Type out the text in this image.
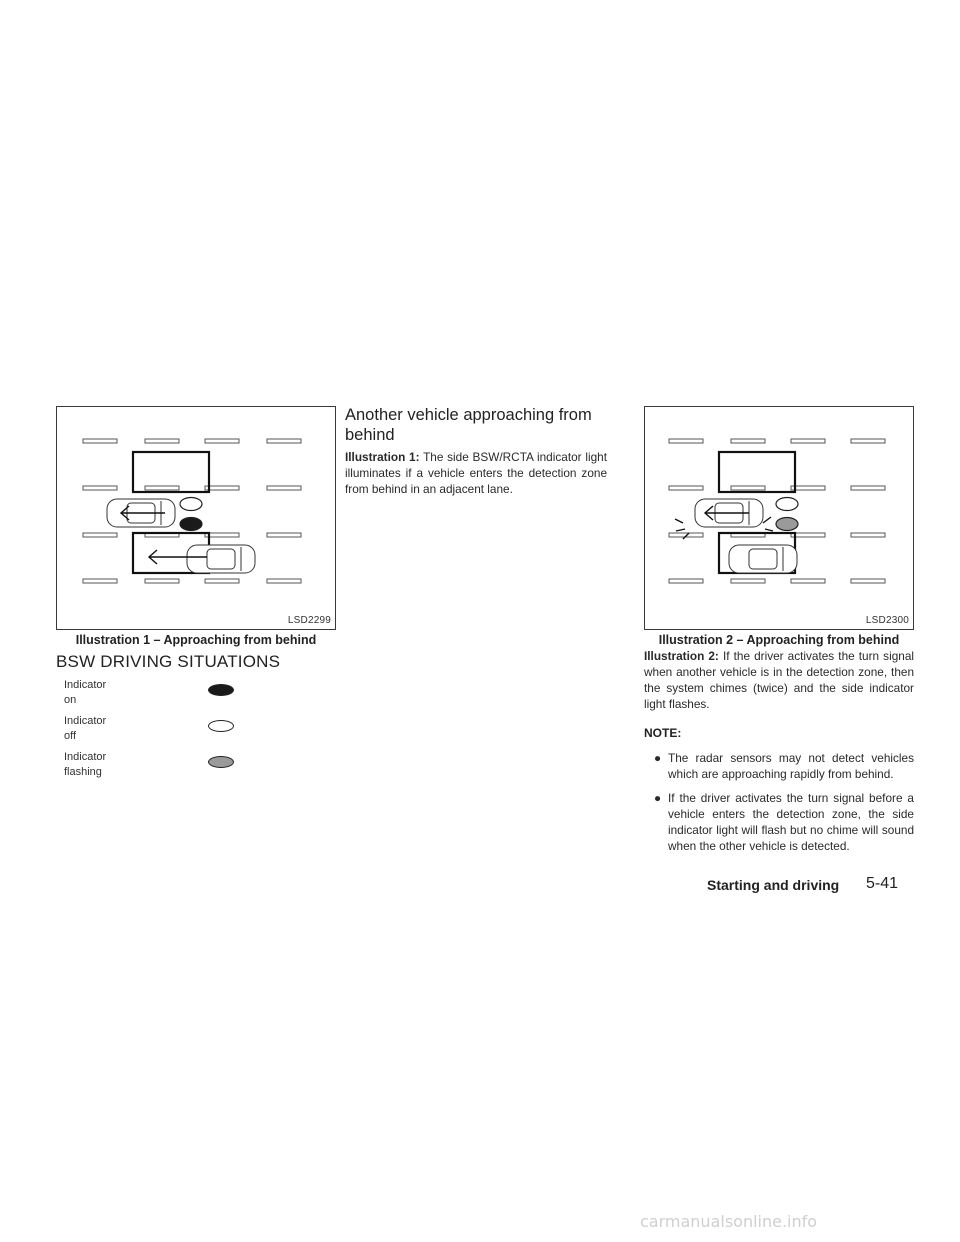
LSD2299
Illustration 1 – Approaching from behind
BSW DRIVING SITUATIONS
Indicator
on
Indicator
off
Indicator
flashing
Another vehicle approaching from behind

Illustration 1: The side BSW/RCTA indicator light illuminates if a vehicle enters the detection zone from behind in an adjacent lane.

LSD2300
Illustration 2 – Approaching from behind

Illustration 2: If the driver activates the turn signal when another vehicle is in the detection zone, then the system chimes (twice) and the side indicator light flashes.

NOTE:
● The radar sensors may not detect vehicles which are approaching rapidly from behind.
● If the driver activates the turn signal before a vehicle enters the detection zone, the side indicator light will flash but no chime will sound when the other vehicle is detected.
Starting and driving 5-41
carmanualsonline.info
